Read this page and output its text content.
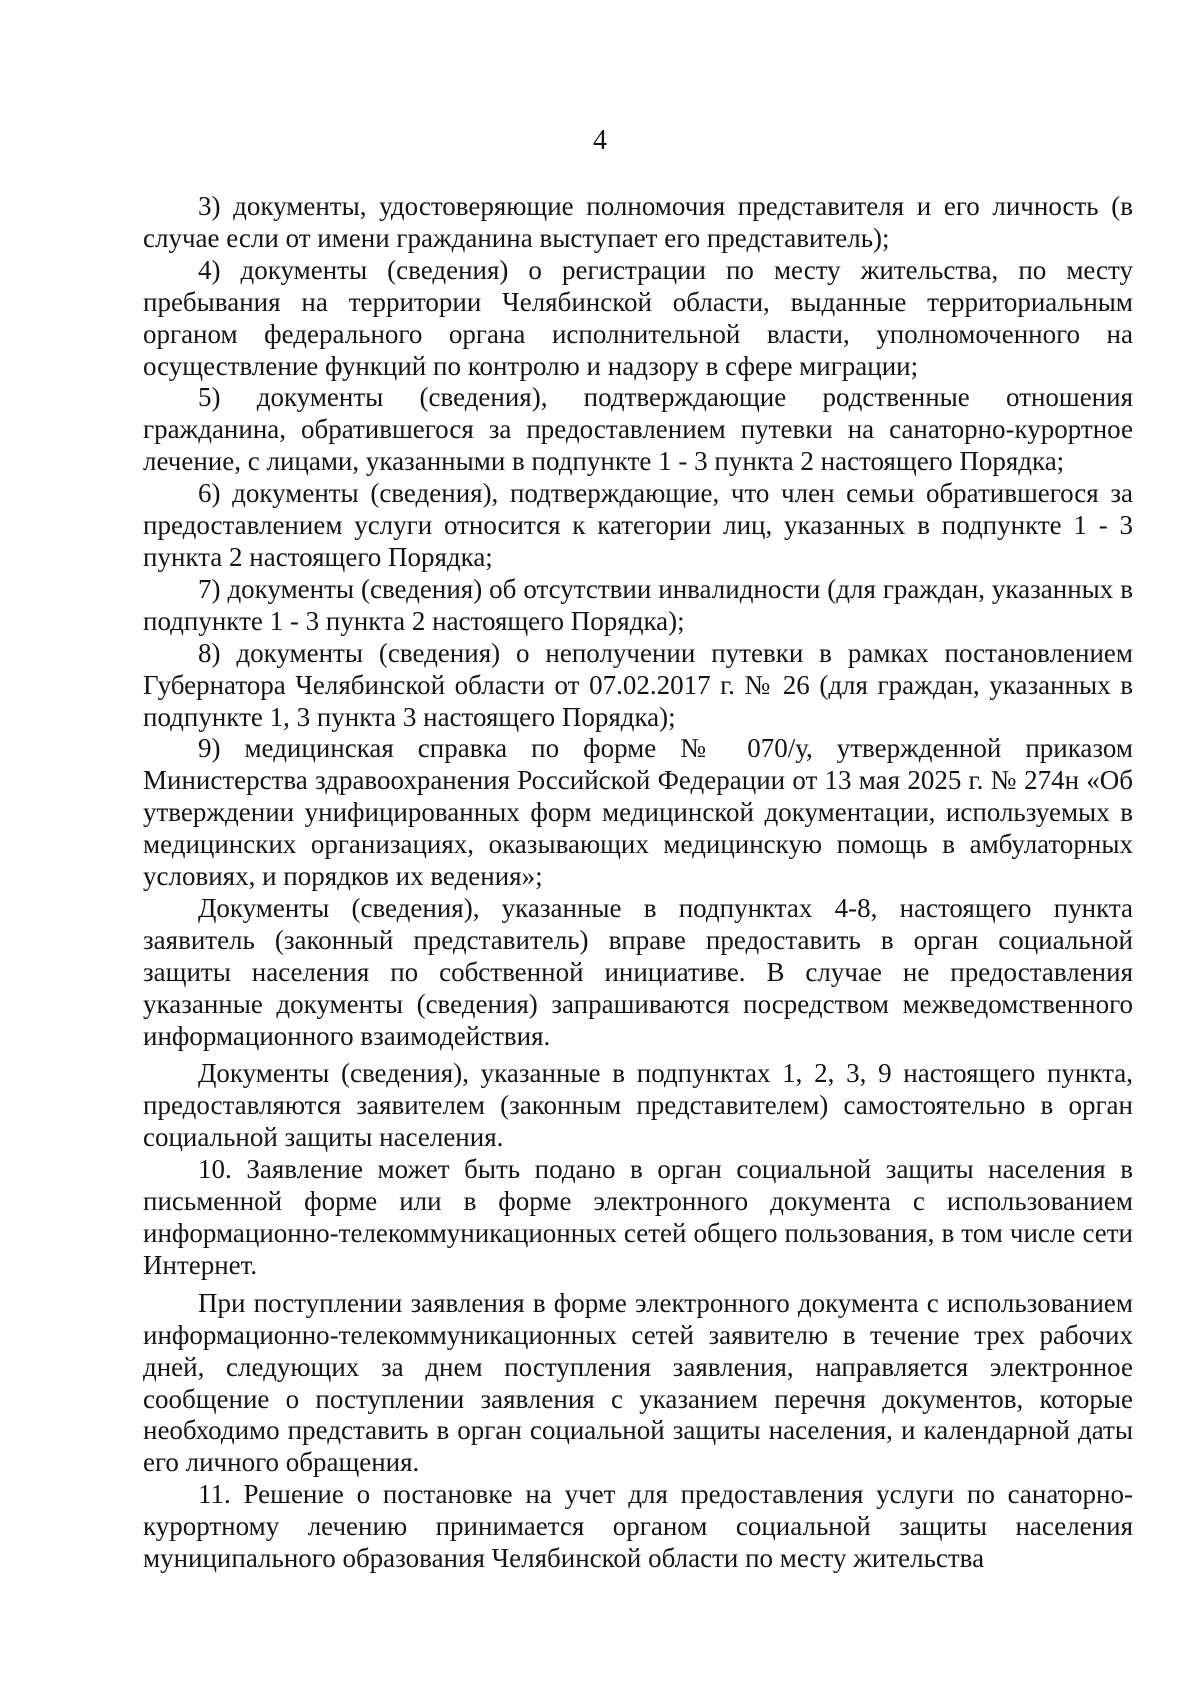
4

3) документы, удостоверяющие полномочия представителя и его личность (в случае если от имени гражданина выступает его представитель);

4) документы (сведения) о регистрации по месту жительства, по месту пребывания на территории Челябинской области, выданные территориальным органом федерального органа исполнительной власти, уполномоченного на осуществление функций по контролю и надзору в сфере миграции;

5) документы (сведения), подтверждающие родственные отношения гражданина, обратившегося за предоставлением путевки на санаторно-курортное лечение, с лицами, указанными в подпункте 1 - 3 пункта 2 настоящего Порядка;

6) документы (сведения), подтверждающие, что член семьи обратившегося за предоставлением услуги относится к категории лиц, указанных в подпункте 1 - 3 пункта 2 настоящего Порядка;

7) документы (сведения) об отсутствии инвалидности (для граждан, указанных в подпункте 1 - 3 пункта 2 настоящего Порядка);

8) документы (сведения) о неполучении путевки в рамках постановлением Губернатора Челябинской области от 07.02.2017 г. № 26 (для граждан, указанных в подпункте 1, 3 пункта 3 настоящего Порядка);

9) медицинская справка по форме № 070/у, утвержденной приказом Министерства здравоохранения Российской Федерации от 13 мая 2025 г. № 274н «Об утверждении унифицированных форм медицинской документации, используемых в медицинских организациях, оказывающих медицинскую помощь в амбулаторных условиях, и порядков их ведения»;

Документы (сведения), указанные в подпунктах 4-8, настоящего пункта заявитель (законный представитель) вправе предоставить в орган социальной защиты населения по собственной инициативе. В случае не предоставления указанные документы (сведения) запрашиваются посредством межведомственного информационного взаимодействия.

Документы (сведения), указанные в подпунктах 1, 2, 3, 9 настоящего пункта, предоставляются заявителем (законным представителем) самостоятельно в орган социальной защиты населения.

10. Заявление может быть подано в орган социальной защиты населения в письменной форме или в форме электронного документа с использованием информационно-телекоммуникационных сетей общего пользования, в том числе сети Интернет.

При поступлении заявления в форме электронного документа с использованием информационно-телекоммуникационных сетей заявителю в течение трех рабочих дней, следующих за днем поступления заявления, направляется электронное сообщение о поступлении заявления с указанием перечня документов, которые необходимо представить в орган социальной защиты населения, и календарной даты его личного обращения.

11. Решение о постановке на учет для предоставления услуги по санаторно-курортному лечению принимается органом социальной защиты населения муниципального образования Челябинской области по месту жительства
